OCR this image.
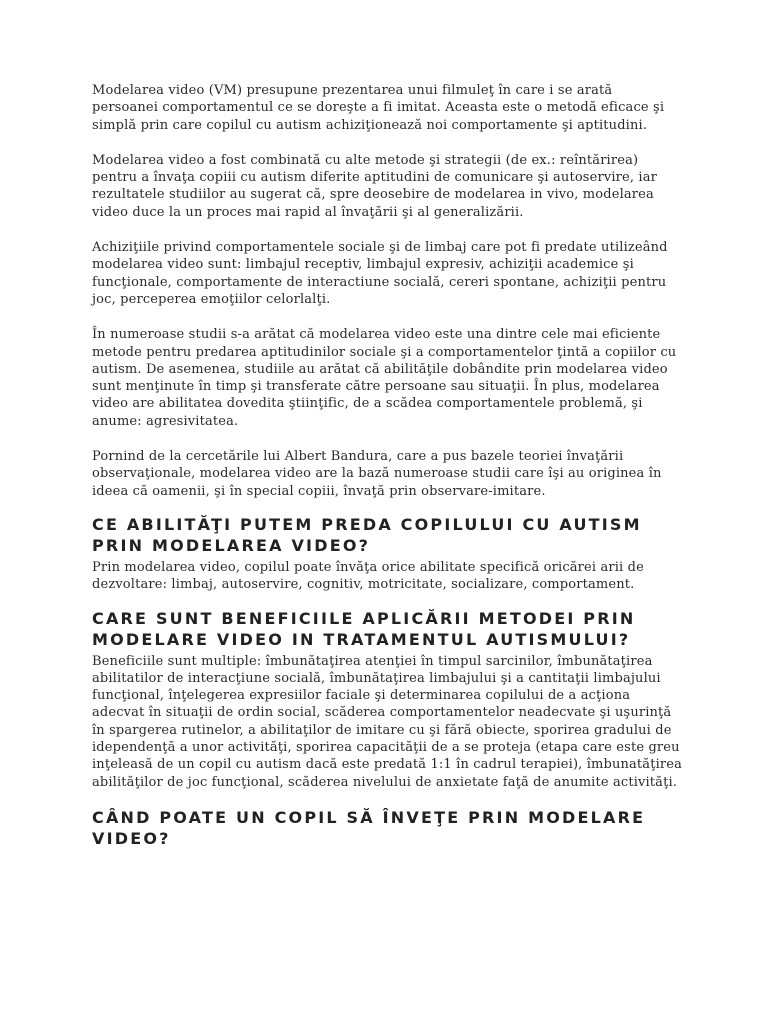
Modelarea video (VM) presupune prezentarea unui filmuleţ în care i se arată persoanei comportamentul ce se doreşte a fi imitat. Aceasta este o metodă eficace şi simplă prin care copilul cu autism achiziţionează noi comportamente şi aptitudini.

Modelarea video a fost combinată cu alte metode şi strategii (de ex.: reîntărirea) pentru a învaţa copiii cu autism diferite aptitudini de comunicare şi autoservire, iar rezultatele studiilor au sugerat că, spre deosebire de modelarea in vivo, modelarea video duce la un proces mai rapid al învaţării şi al generalizării.

Achiziţiile privind comportamentele sociale şi de limbaj care pot fi predate utilizeând modelarea video sunt: limbajul receptiv, limbajul expresiv, achiziţii academice şi funcţionale, comportamente de interactiune socială, cereri spontane, achiziţii pentru joc, perceperea emoţiilor celorlalţi.

În numeroase studii s-a arătat că modelarea video este una dintre cele mai eficiente metode pentru predarea aptitudinilor sociale şi a comportamentelor ţintă a copiilor cu autism. De asemenea, studiile au arătat că abilităţile dobândite prin modelarea video sunt menţinute în timp şi transferate către persoane sau situaţii. În plus, modelarea video are abilitatea dovedita ştiinţific, de a scădea comportamentele problemă, şi anume: agresivitatea.

Pornind de la cercetările lui Albert Bandura, care a pus bazele teoriei învaţării observaţionale, modelarea video are la bază numeroase studii care îşi au originea în ideea că oamenii, şi în special copiii, învaţă prin observare-imitare.

CE ABILITĂŢI PUTEM PREDA COPILULUI CU AUTISM PRIN MODELAREA VIDEO?

Prin modelarea video, copilul poate învăţa orice abilitate specifică oricărei arii de dezvoltare: limbaj, autoservire, cognitiv, motricitate, socializare, comportament.

CARE SUNT BENEFICIILE APLICĂRII METODEI PRIN MODELARE VIDEO IN TRATAMENTUL AUTISMULUI?

Beneficiile sunt multiple: îmbunătaţirea atenţiei în timpul sarcinilor, îmbunătaţirea abilitatilor de interacţiune socială, îmbunătaţirea limbajului şi a cantitaţii limbajului funcţional, înţelegerea expresiilor faciale şi determinarea copilului de a acţiona adecvat în situaţii de ordin social, scăderea comportamentelor neadecvate şi uşurinţă în spargerea rutinelor, a abilitaţilor de imitare cu şi fără obiecte, sporirea gradului de idependenţă a unor activităţi, sporirea capacităţii de a se proteja (etapa care este greu inţeleasă de un copil cu autism dacă este predată 1:1 în cadrul terapiei), îmbunatăţirea abilităţilor de joc funcţional, scăderea nivelului de anxietate faţă de anumite activităţi.

CÂND POATE UN COPIL SĂ ÎNVEŢE PRIN MODELARE VIDEO?
